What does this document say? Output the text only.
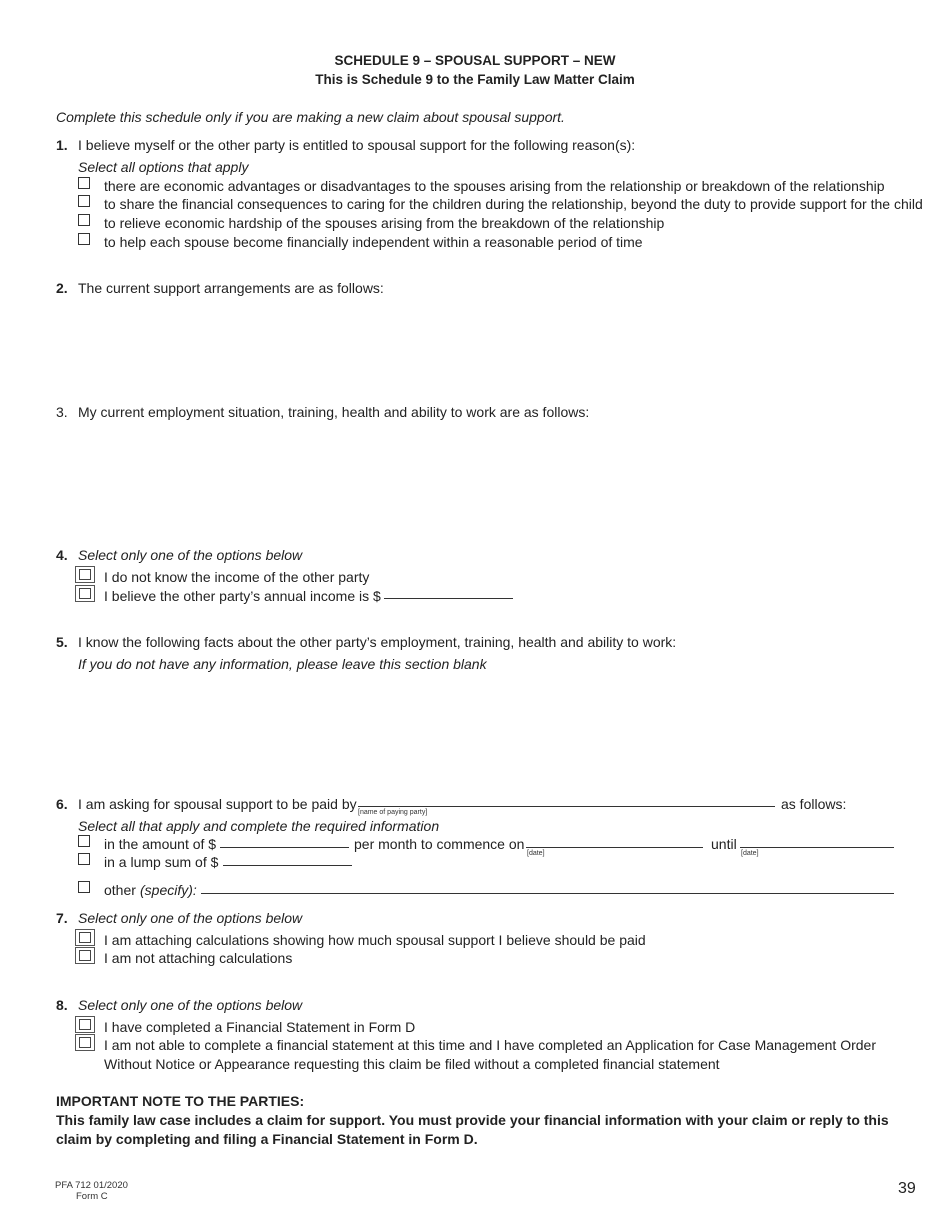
SCHEDULE 9 – SPOUSAL SUPPORT – NEW
This is Schedule 9 to the Family Law Matter Claim
Complete this schedule only if you are making a new claim about spousal support.
1. I believe myself or the other party is entitled to spousal support for the following reason(s):
Select all options that apply
there are economic advantages or disadvantages to the spouses arising from the relationship or breakdown of the relationship
to share the financial consequences to caring for the children during the relationship, beyond the duty to provide support for the child
to relieve economic hardship of the spouses arising from the breakdown of the relationship
to help each spouse become financially independent within a reasonable period of time
2. The current support arrangements are as follows:
3. My current employment situation, training, health and ability to work are as follows:
4. Select only one of the options below
I do not know the income of the other party
I believe the other party’s annual income is $
5. I know the following facts about the other party’s employment, training, health and ability to work:
If you do not have any information, please leave this section blank
6. I am asking for spousal support to be paid by
[name of paying party]
as follows:
Select all that apply and complete the required information
in the amount of $	per month to commence on
[date]
until
[date]
in a lump sum of $
other (specify):
7. Select only one of the options below
I am attaching calculations showing how much spousal support I believe should be paid
I am not attaching calculations
8. Select only one of the options below
I have completed a Financial Statement in Form D
I am not able to complete a financial statement at this time and I have completed an Application for Case Management Order
Without Notice or Appearance requesting this claim be filed without a completed financial statement
IMPORTANT NOTE TO THE PARTIES:
This family law case includes a claim for support. You must provide your financial information with your claim or reply to this
claim by completing and filing a Financial Statement in Form D.
PFA 712 01/2020
Form C	39
